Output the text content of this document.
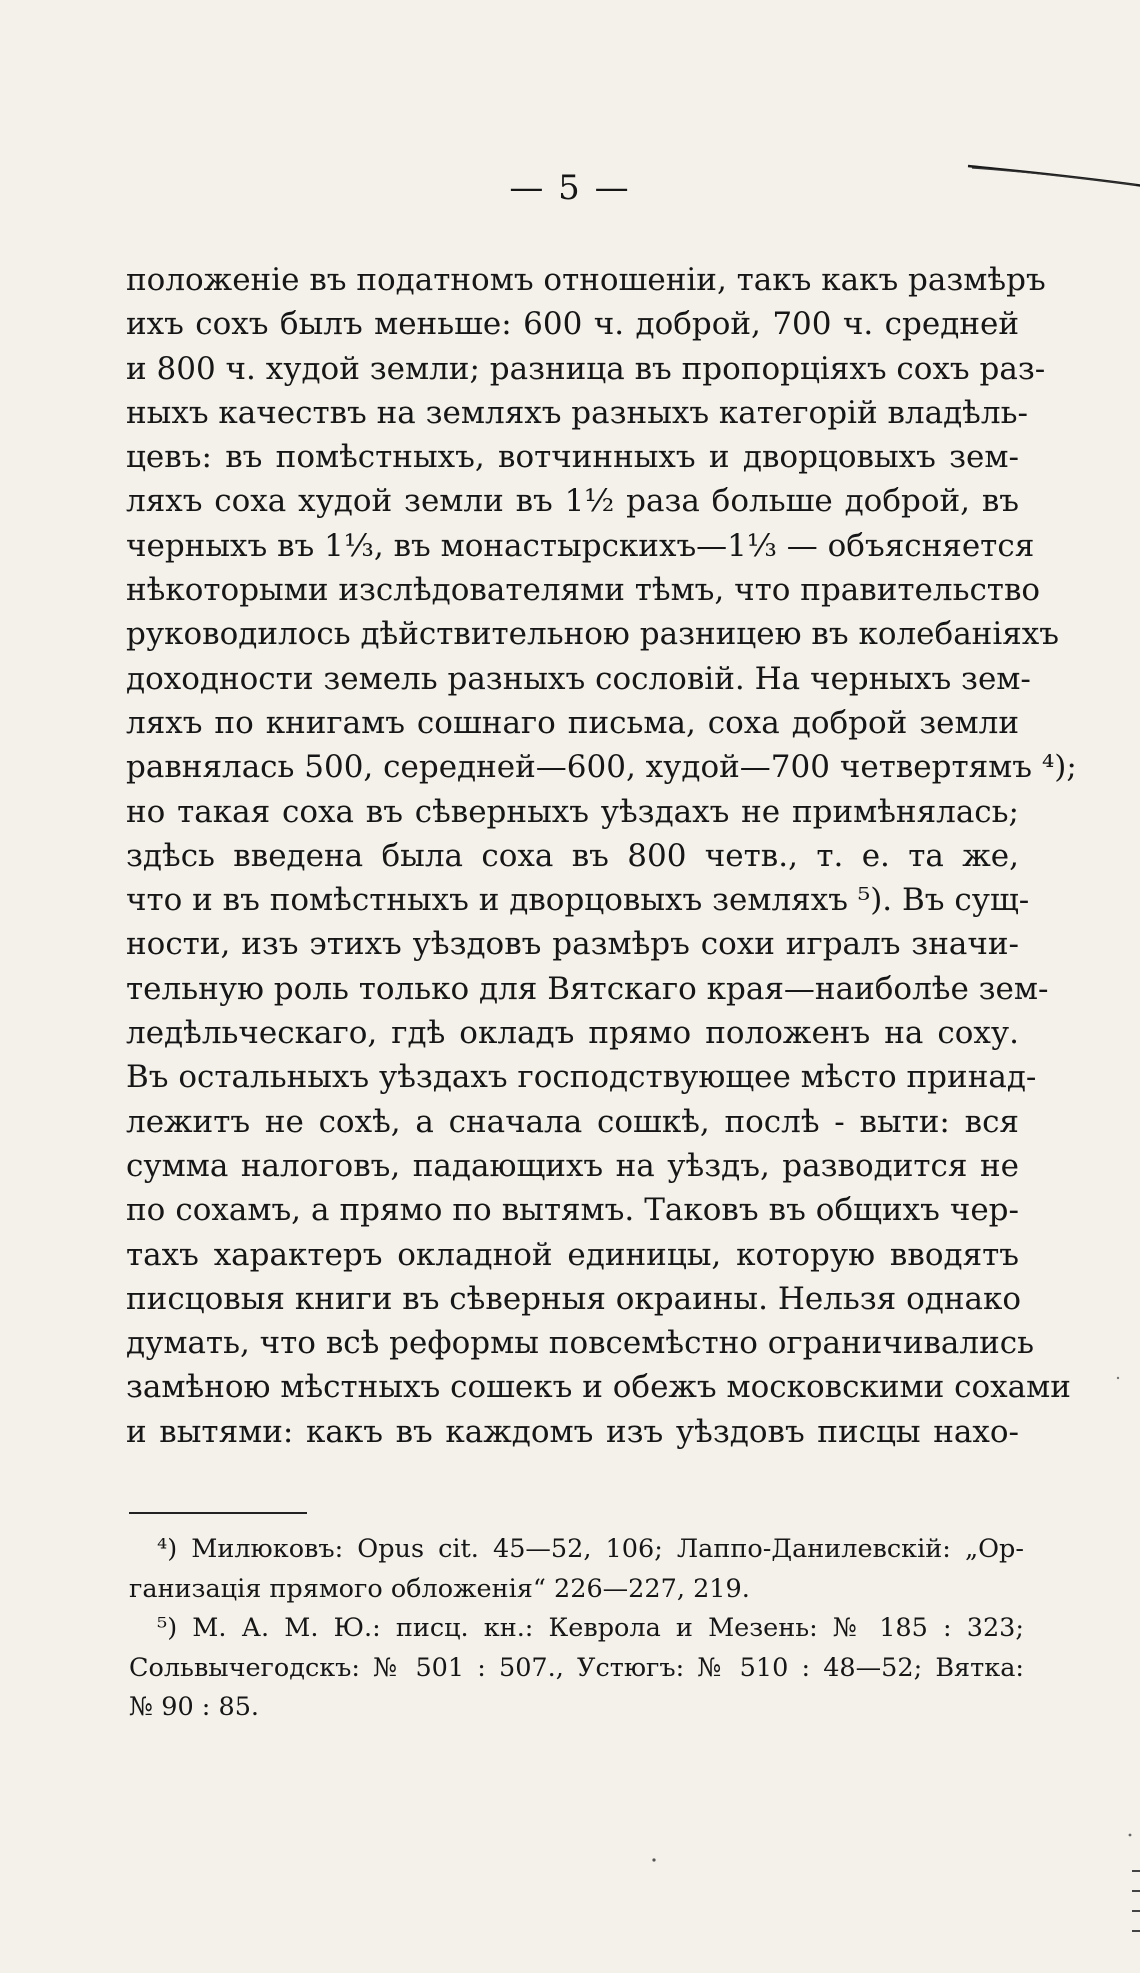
— 5 —
положеніе въ податномъ отношеніи, такъ какъ размѣръ
ихъ сохъ былъ меньше: 600 ч. доброй, 700 ч. средней
и 800 ч. худой земли; разница въ пропорціяхъ сохъ раз-
ныхъ качествъ на земляхъ разныхъ категорій владѣль-
цевъ: въ помѣстныхъ, вотчинныхъ и дворцовыхъ зем-
ляхъ соха худой земли въ 1½ раза больше доброй, въ
черныхъ въ 1⅓, въ монастырскихъ—1⅓ — объясняется
нѣкоторыми изслѣдователями тѣмъ, что правительство
руководилось дѣйствительною разницею въ колебаніяхъ
доходности земель разныхъ сословій. На черныхъ зем-
ляхъ по книгамъ сошнаго письма, соха доброй земли
равнялась 500, середней—600, худой—700 четвертямъ ⁴);
но такая соха въ сѣверныхъ уѣздахъ не примѣнялась;
здѣсь введена была соха въ 800 четв., т. е. та же,
что и въ помѣстныхъ и дворцовыхъ земляхъ ⁵). Въ сущ-
ности, изъ этихъ уѣздовъ размѣръ сохи игралъ значи-
тельную роль только для Вятскаго края—наиболѣе зем-
ледѣльческаго, гдѣ окладъ прямо положенъ на соху.
Въ остальныхъ уѣздахъ господствующее мѣсто принад-
лежитъ не сохѣ, а сначала сошкѣ, послѣ - выти: вся
сумма налоговъ, падающихъ на уѣздъ, разводится не
по сохамъ, а прямо по вытямъ. Таковъ въ общихъ чер-
тахъ характеръ окладной единицы, которую вводятъ
писцовыя книги въ сѣверныя окраины. Нельзя однако
думать, что всѣ реформы повсемѣстно ограничивались
замѣною мѣстныхъ сошекъ и обежъ московскими сохами
и вытями: какъ въ каждомъ изъ уѣздовъ писцы нахо-
⁴) Милюковъ: Opus cit. 45—52, 106; Лаппо-Данилевскій: „Ор-
ганизація прямого обложенія“ 226—227, 219.
⁵) М. А. М. Ю.: писц. кн.: Кеврола и Мезень: № 185 : 323;
Сольвычегодскъ: № 501 : 507., Устюгъ: № 510 : 48—52; Вятка:
№ 90 : 85.
